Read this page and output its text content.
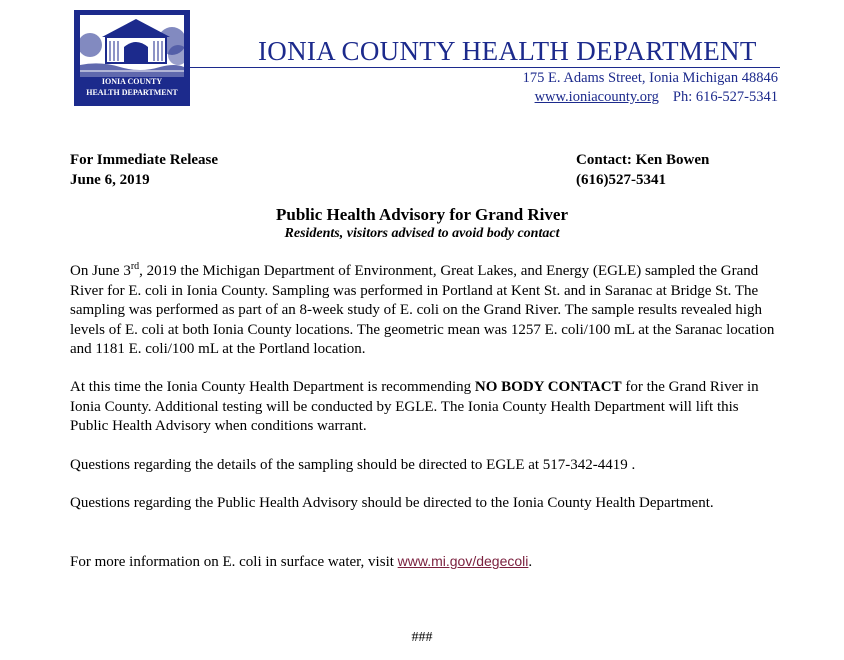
IONIA COUNTY
HEALTH DEPARTMENT
IONIA COUNTY HEALTH DEPARTMENT
175 E. Adams Street, Ionia Michigan 48846
www.ioniacounty.org Ph: 616-527-5341
For Immediate Release
June 6, 2019
Contact: Ken Bowen
(616)527-5341
Public Health Advisory for Grand River
Residents, visitors advised to avoid body contact

On June 3rd, 2019 the Michigan Department of Environment, Great Lakes, and Energy (EGLE) sampled the Grand River for E. coli in Ionia County. Sampling was performed in Portland at Kent St. and in Saranac at Bridge St. The sampling was performed as part of an 8-week study of E. coli on the Grand River. The sample results revealed high levels of E. coli at both Ionia County locations. The geometric mean was 1257 E. coli/100 mL at the Saranac location and 1181 E. coli/100 mL at the Portland location.

At this time the Ionia County Health Department is recommending NO BODY CONTACT for the Grand River in Ionia County. Additional testing will be conducted by EGLE. The Ionia County Health Department will lift this Public Health Advisory when conditions warrant.

Questions regarding the details of the sampling should be directed to EGLE at 517-342-4419 .

Questions regarding the Public Health Advisory should be directed to the Ionia County Health Department.

For more information on E. coli in surface water, visit www.mi.gov/degecoli.

###
